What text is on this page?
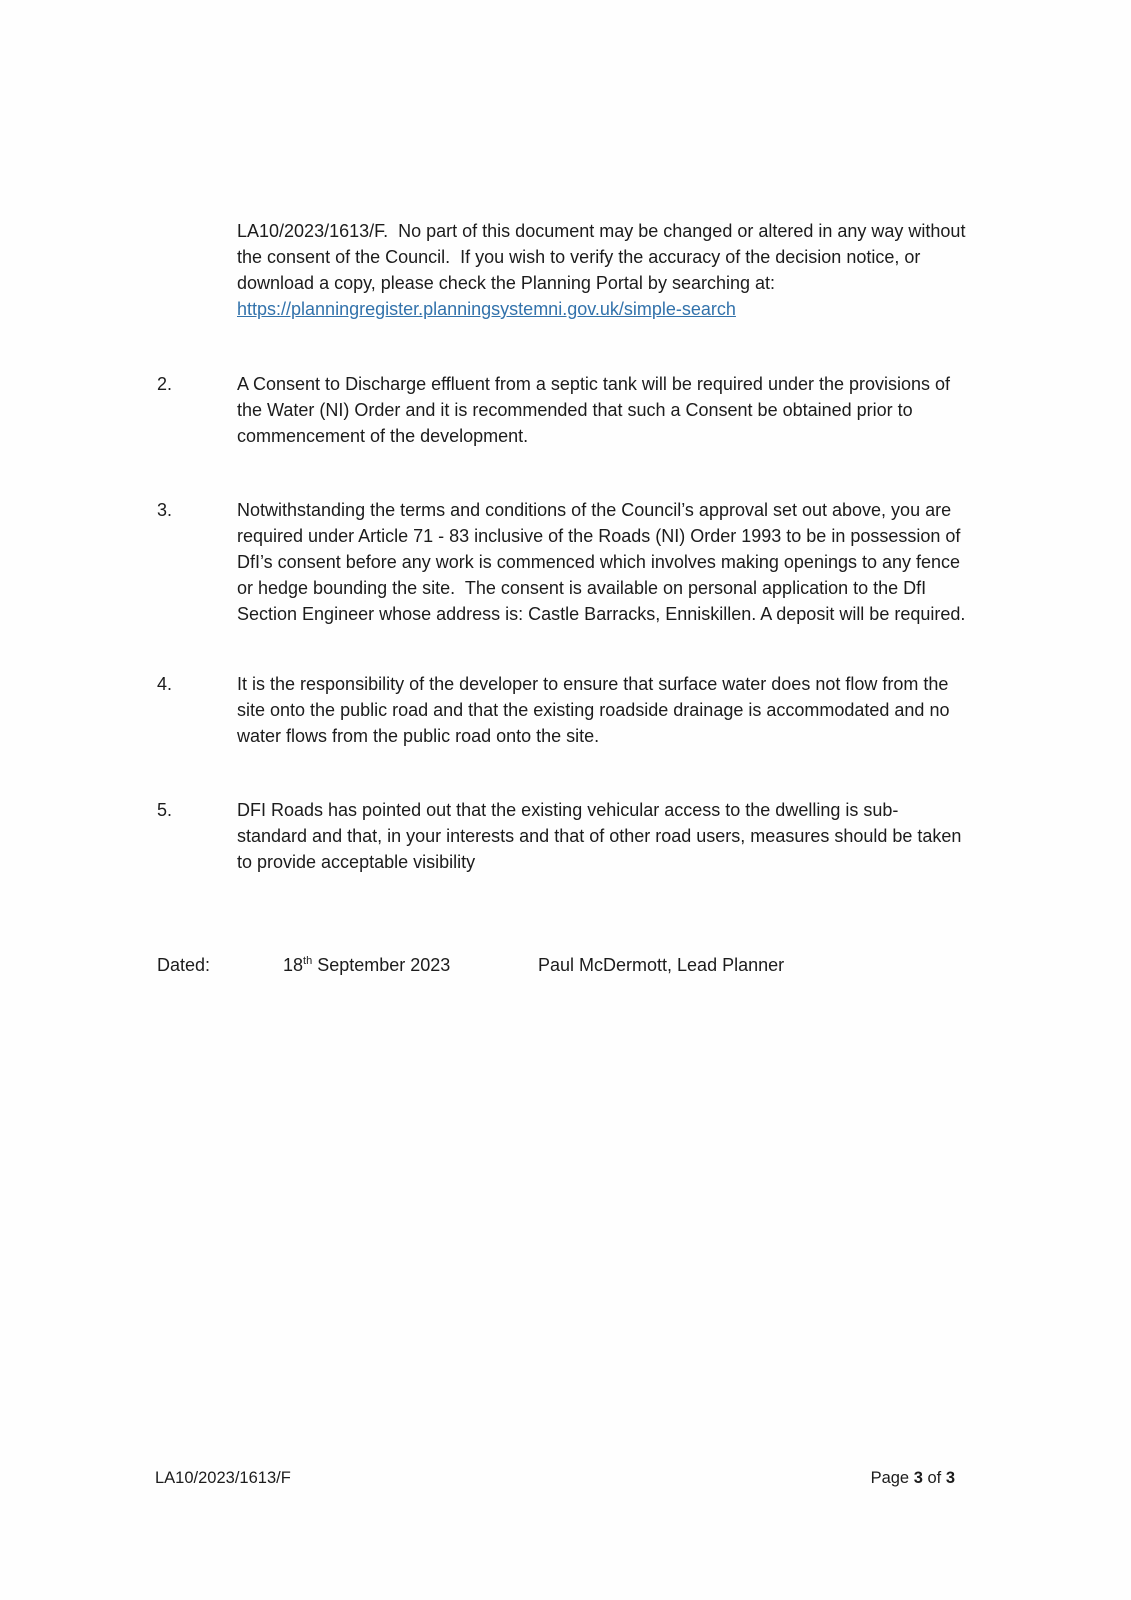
LA10/2023/1613/F.  No part of this document may be changed or altered in any way without the consent of the Council.  If you wish to verify the accuracy of the decision notice, or download a copy, please check the Planning Portal by searching at: https://planningregister.planningsystemni.gov.uk/simple-search

2.	A Consent to Discharge effluent from a septic tank will be required under the provisions of the Water (NI) Order and it is recommended that such a Consent be obtained prior to commencement of the development.
3.	Notwithstanding the terms and conditions of the Council’s approval set out above, you are required under Article 71 - 83 inclusive of the Roads (NI) Order 1993 to be in possession of DfI’s consent before any work is commenced which involves making openings to any fence or hedge bounding the site.  The consent is available on personal application to the DfI Section Engineer whose address is: Castle Barracks, Enniskillen. A deposit will be required.
4.	It is the responsibility of the developer to ensure that surface water does not flow from the site onto the public road and that the existing roadside drainage is accommodated and no water flows from the public road onto the site.
5.	DFI Roads has pointed out that the existing vehicular access to the dwelling is sub-standard and that, in your interests and that of other road users, measures should be taken to provide acceptable visibility
Dated:	18th September 2023	Paul McDermott, Lead Planner
LA10/2023/1613/F	Page 3 of 3
